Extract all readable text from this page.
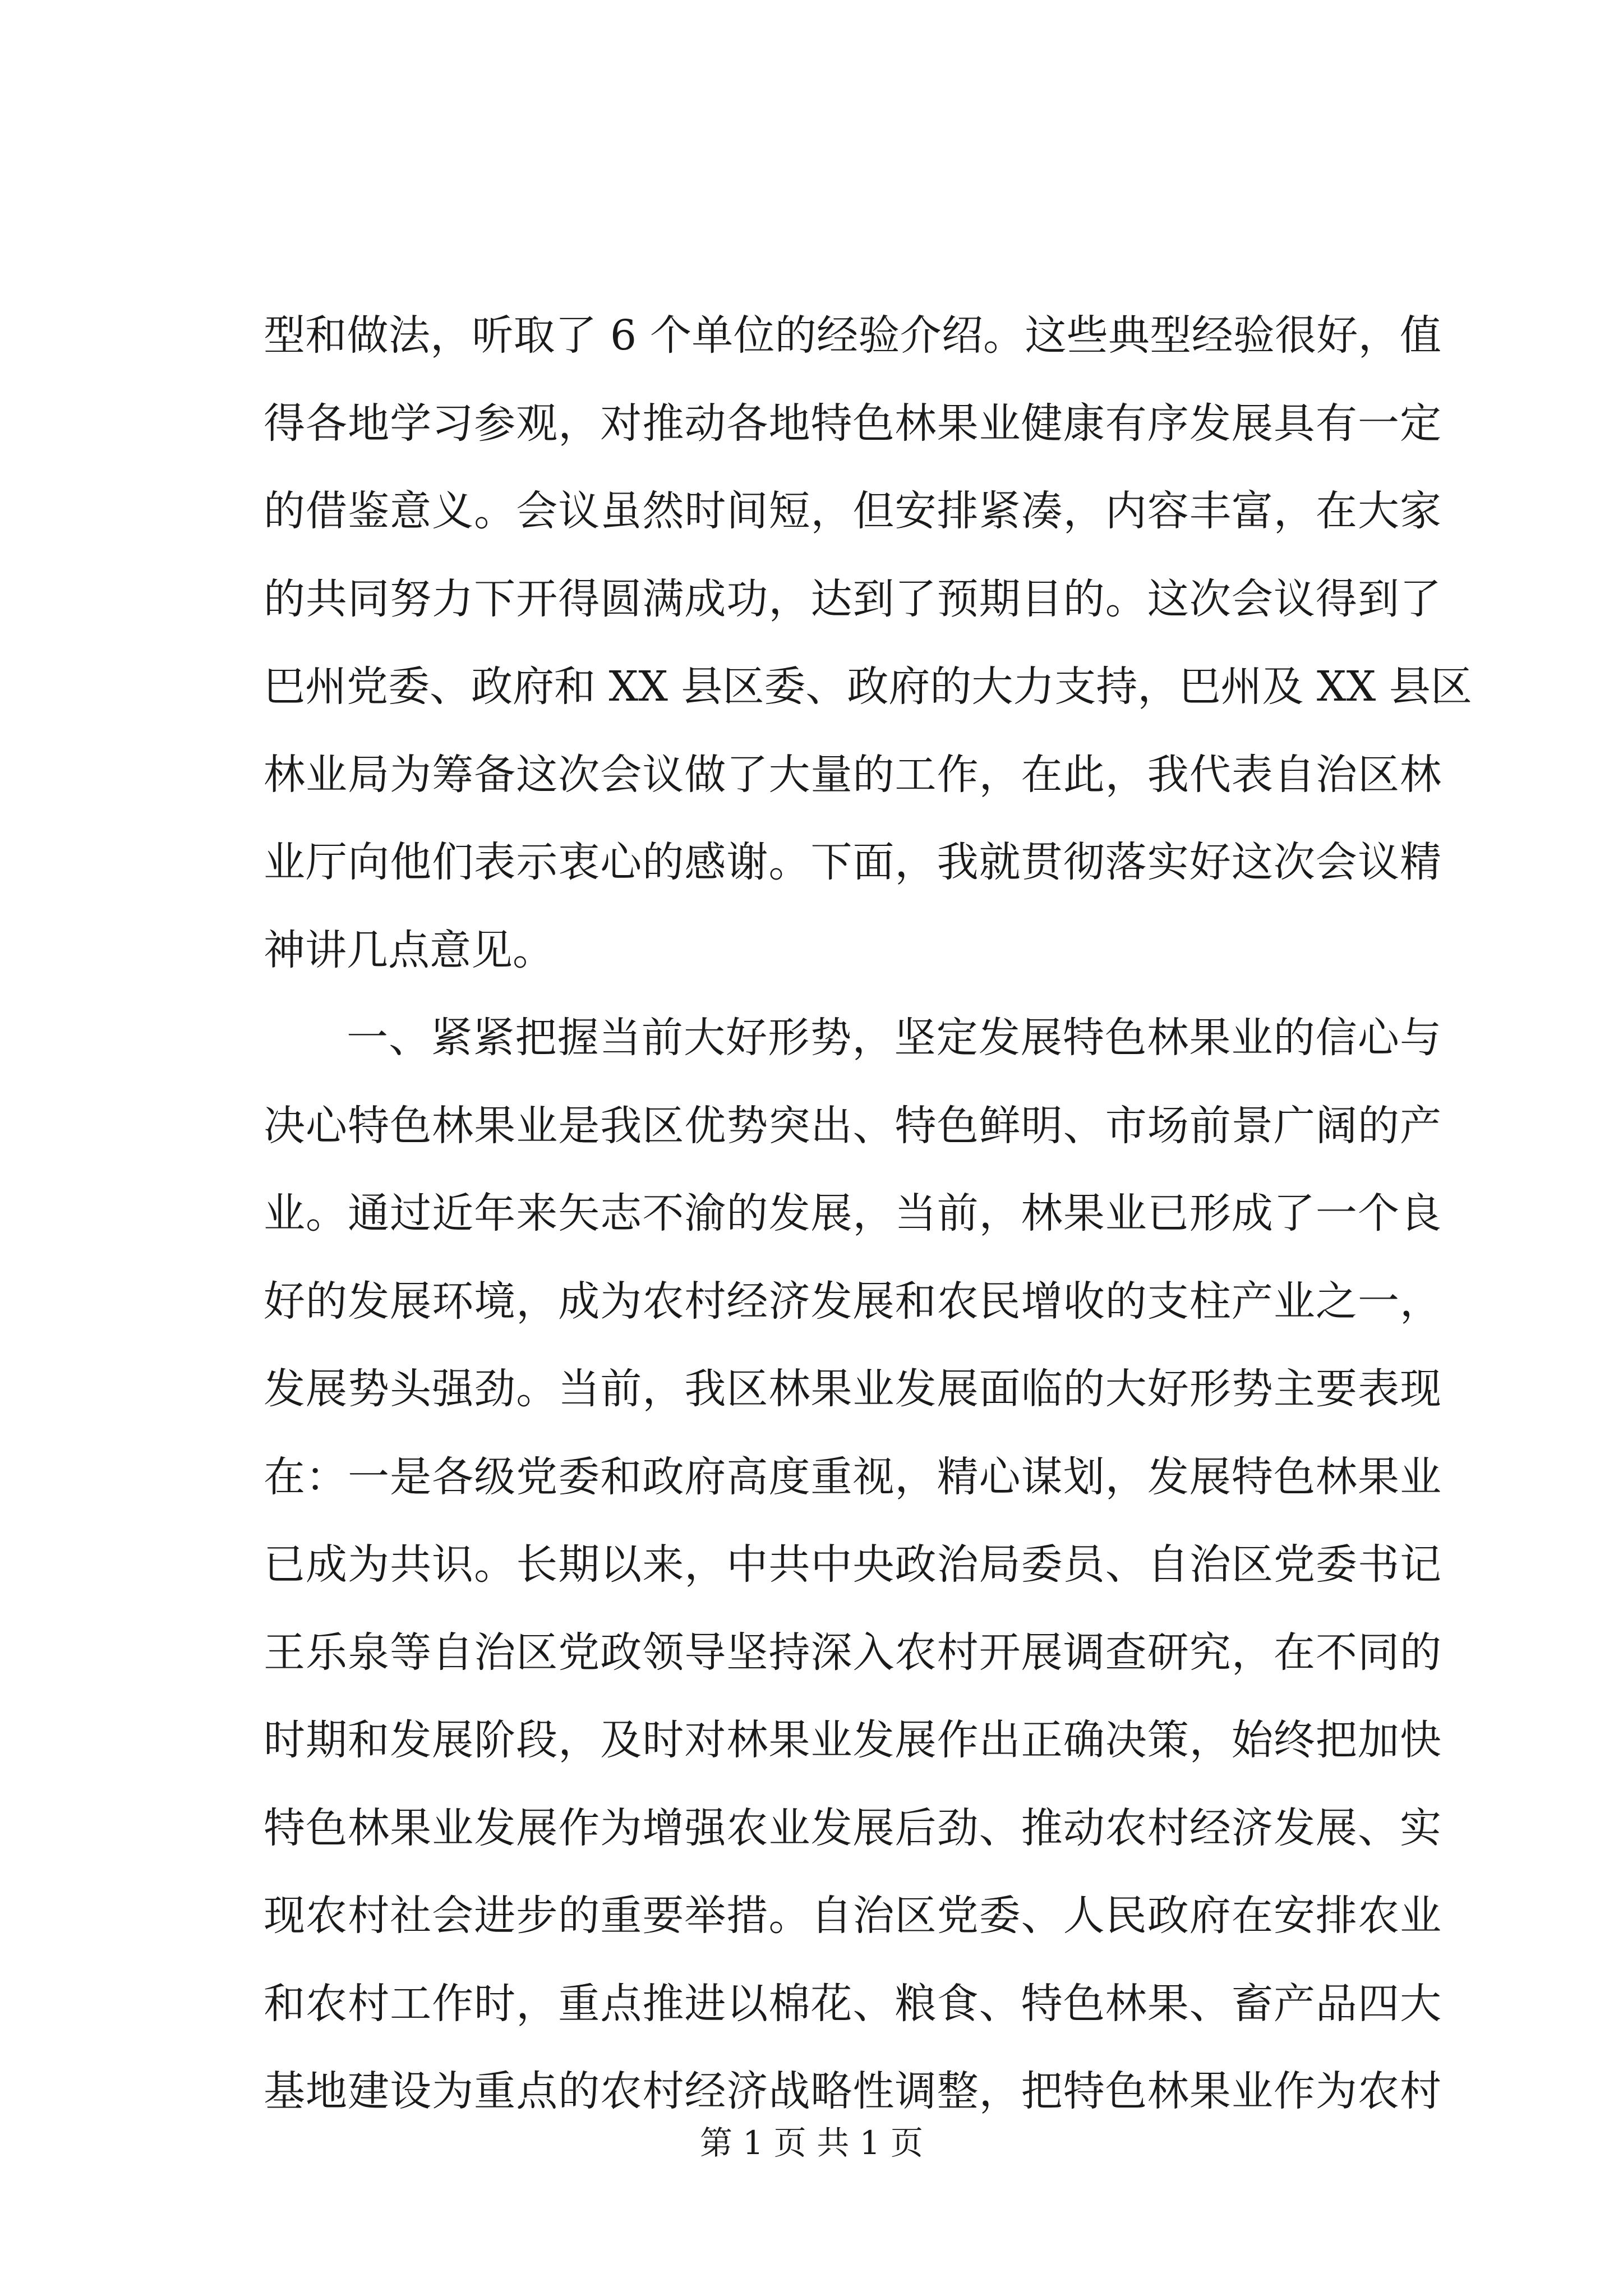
型和做法，听取了 6 个单位的经验介绍。这些典型经验很好，值
得各地学习参观，对推动各地特色林果业健康有序发展具有一定
的借鉴意义。会议虽然时间短，但安排紧凑，内容丰富，在大家
的共同努力下开得圆满成功，达到了预期目的。这次会议得到了
巴州党委、政府和 XX 县区委、政府的大力支持，巴州及 XX 县区
林业局为筹备这次会议做了大量的工作，在此，我代表自治区林
业厅向他们表示衷心的感谢。下面，我就贯彻落实好这次会议精
神讲几点意见。
一、紧紧把握当前大好形势，坚定发展特色林果业的信心与
决心特色林果业是我区优势突出、特色鲜明、市场前景广阔的产
业。通过近年来矢志不渝的发展，当前，林果业已形成了一个良
好的发展环境，成为农村经济发展和农民增收的支柱产业之一，
发展势头强劲。当前，我区林果业发展面临的大好形势主要表现
在：一是各级党委和政府高度重视，精心谋划，发展特色林果业
已成为共识。长期以来，中共中央政治局委员、自治区党委书记
王乐泉等自治区党政领导坚持深入农村开展调查研究，在不同的
时期和发展阶段，及时对林果业发展作出正确决策，始终把加快
特色林果业发展作为增强农业发展后劲、推动农村经济发展、实
现农村社会进步的重要举措。自治区党委、人民政府在安排农业
和农村工作时，重点推进以棉花、粮食、特色林果、畜产品四大
基地建设为重点的农村经济战略性调整，把特色林果业作为农村
第 1 页 共 1 页
